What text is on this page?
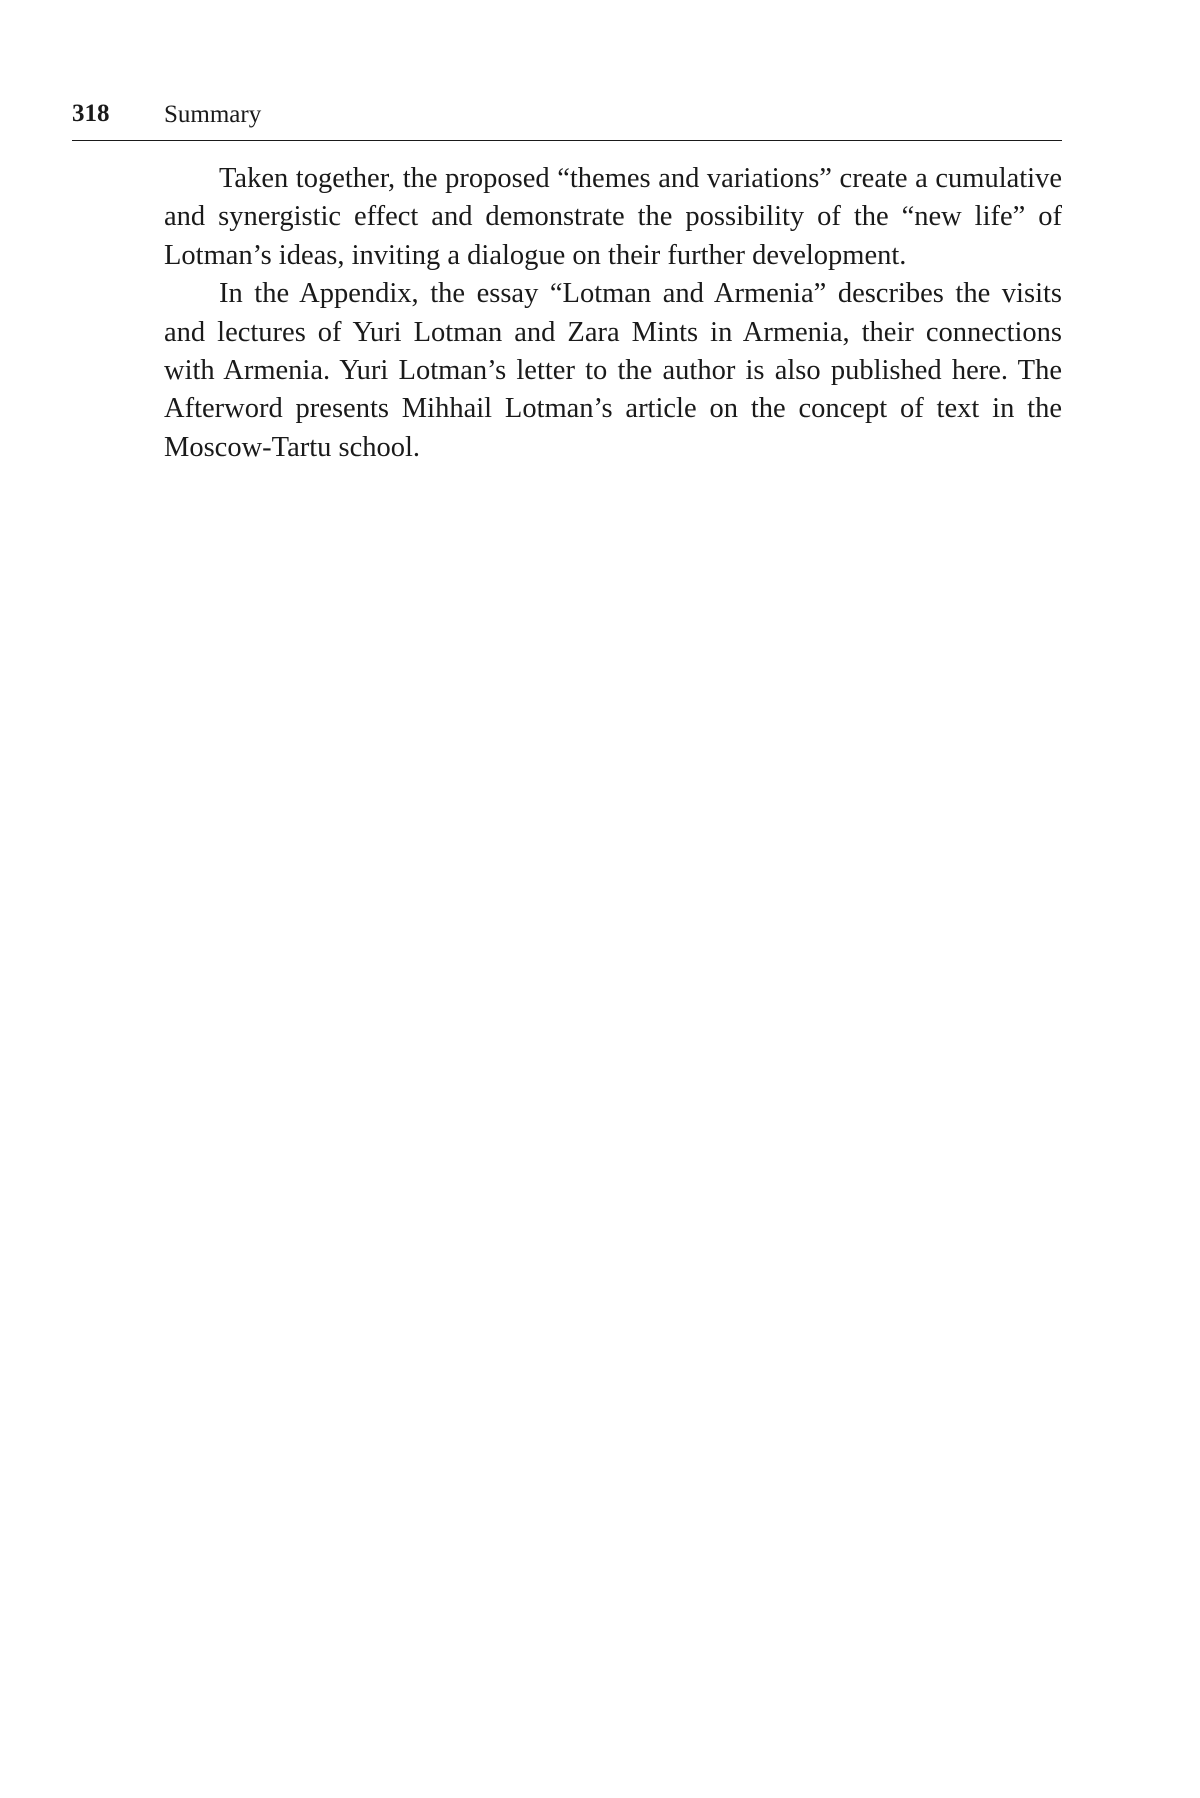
318 Summary

Taken together, the proposed “themes and variations” create a cumulative and synergistic effect and demonstrate the possibility of the “new life” of Lotman’s ideas, inviting a dialogue on their further development.

In the Appendix, the essay “Lotman and Armenia” describes the visits and lectures of Yuri Lotman and Zara Mints in Armenia, their connections with Armenia. Yuri Lotman’s letter to the author is also published here. The Afterword presents Mihhail Lotman’s article on the concept of text in the Moscow-Tartu school.
